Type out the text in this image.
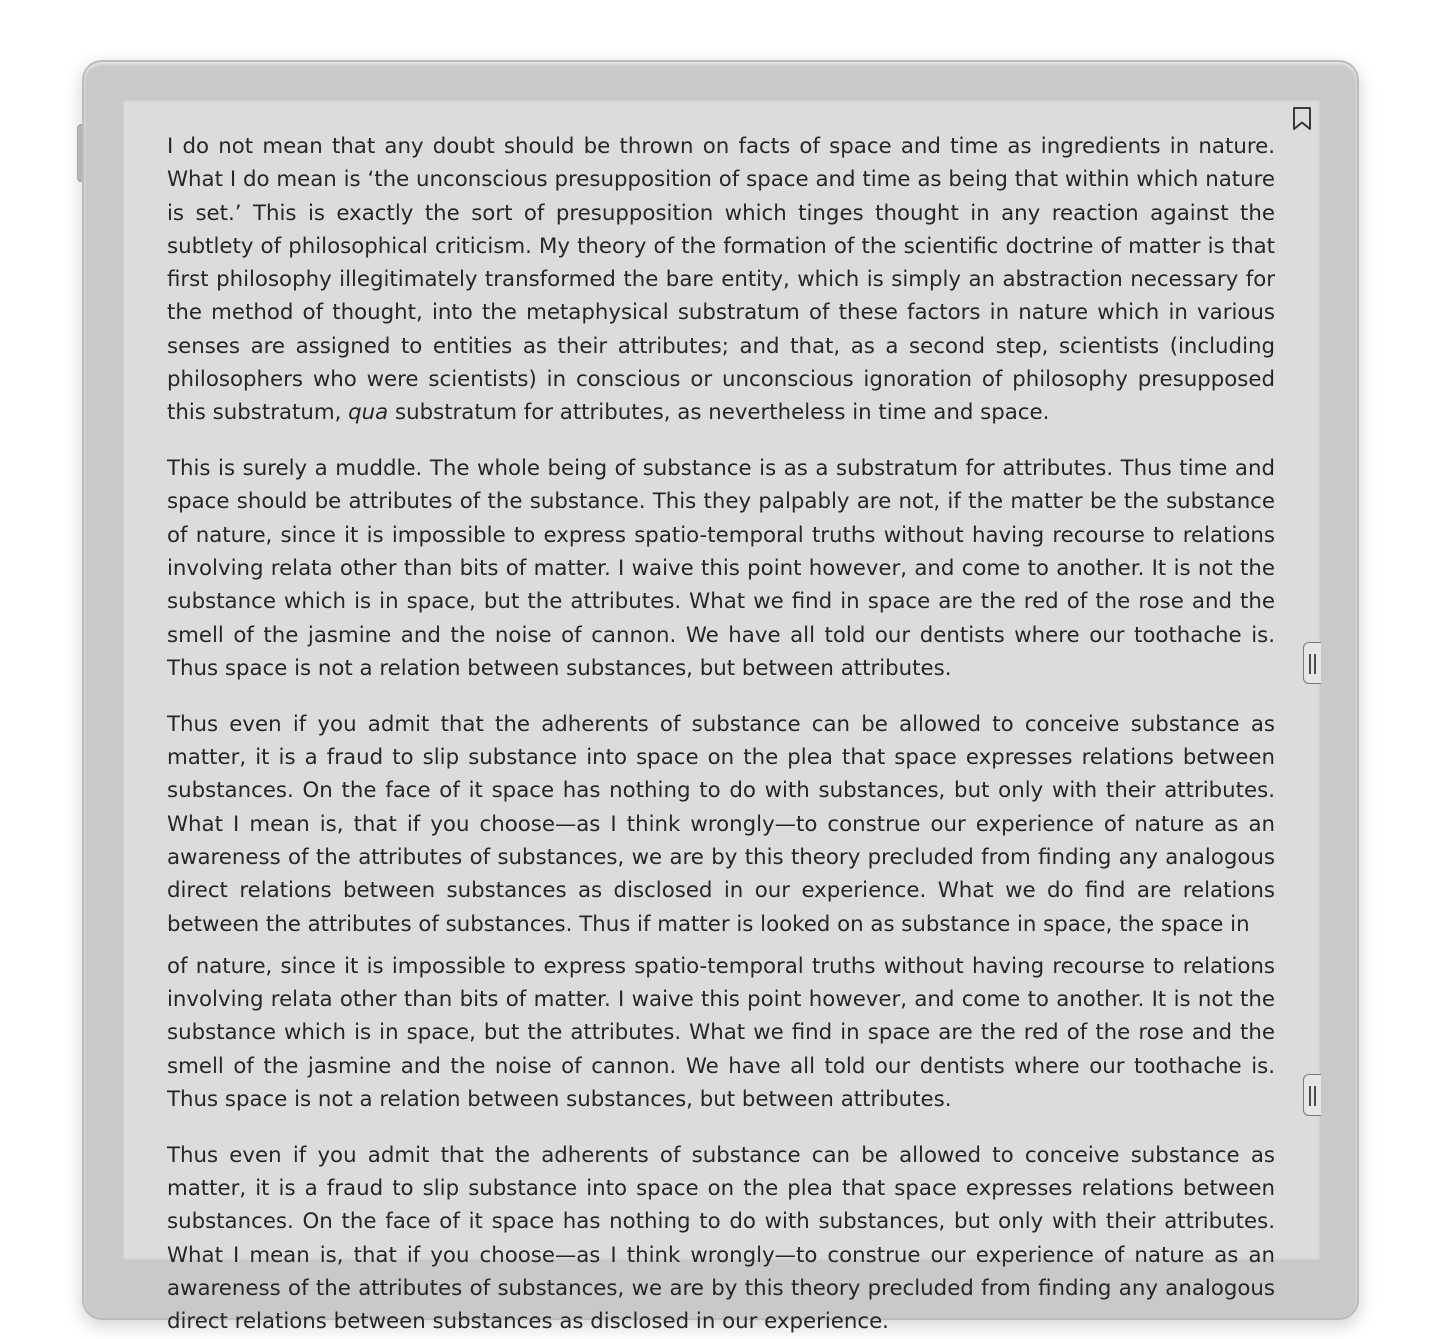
I do not mean that any doubt should be thrown on facts of space and time as ingredients in nature. What I do mean is ‘the unconscious presupposition of space and time as being that within which nature is set.’ This is exactly the sort of presupposition which tinges thought in any reaction against the subtlety of philosophical criticism. My theory of the formation of the scientific doctrine of matter is that first philosophy illegitimately transformed the bare entity, which is simply an abstraction necessary for the method of thought, into the metaphysical substratum of these factors in nature which in various senses are assigned to entities as their attributes; and that, as a second step, scientists (including philosophers who were scientists) in conscious or unconscious ignoration of philosophy presupposed this substratum, qua substratum for attributes, as nevertheless in time and space.

This is surely a muddle. The whole being of substance is as a substratum for attributes. Thus time and space should be attributes of the substance. This they palpably are not, if the matter be the substance of nature, since it is impossible to express spatio-temporal truths without having recourse to relations involving relata other than bits of matter. I waive this point however, and come to another. It is not the substance which is in space, but the attributes. What we find in space are the red of the rose and the smell of the jasmine and the noise of cannon. We have all told our dentists where our toothache is. Thus space is not a relation between substances, but between attributes.

Thus even if you admit that the adherents of substance can be allowed to conceive substance as matter, it is a fraud to slip substance into space on the plea that space expresses relations between substances. On the face of it space has nothing to do with substances, but only with their attributes. What I mean is, that if you choose—as I think wrongly—to construe our experience of nature as an awareness of the attributes of substances, we are by this theory precluded from finding any analogous direct relations between substances as disclosed in our experience. What we do find are relations between the attributes of substances. Thus if matter is looked on as substance in space, the space in

of nature, since it is impossible to express spatio-temporal truths without having recourse to relations involving relata other than bits of matter. I waive this point however, and come to another. It is not the substance which is in space, but the attributes. What we find in space are the red of the rose and the smell of the jasmine and the noise of cannon. We have all told our dentists where our toothache is. Thus space is not a relation between substances, but between attributes.

Thus even if you admit that the adherents of substance can be allowed to conceive substance as matter, it is a fraud to slip substance into space on the plea that space expresses relations between substances. On the face of it space has nothing to do with substances, but only with their attributes. What I mean is, that if you choose—as I think wrongly—to construe our experience of nature as an awareness of the attributes of substances, we are by this theory precluded from finding any analogous direct relations between substances as disclosed in our experience.
